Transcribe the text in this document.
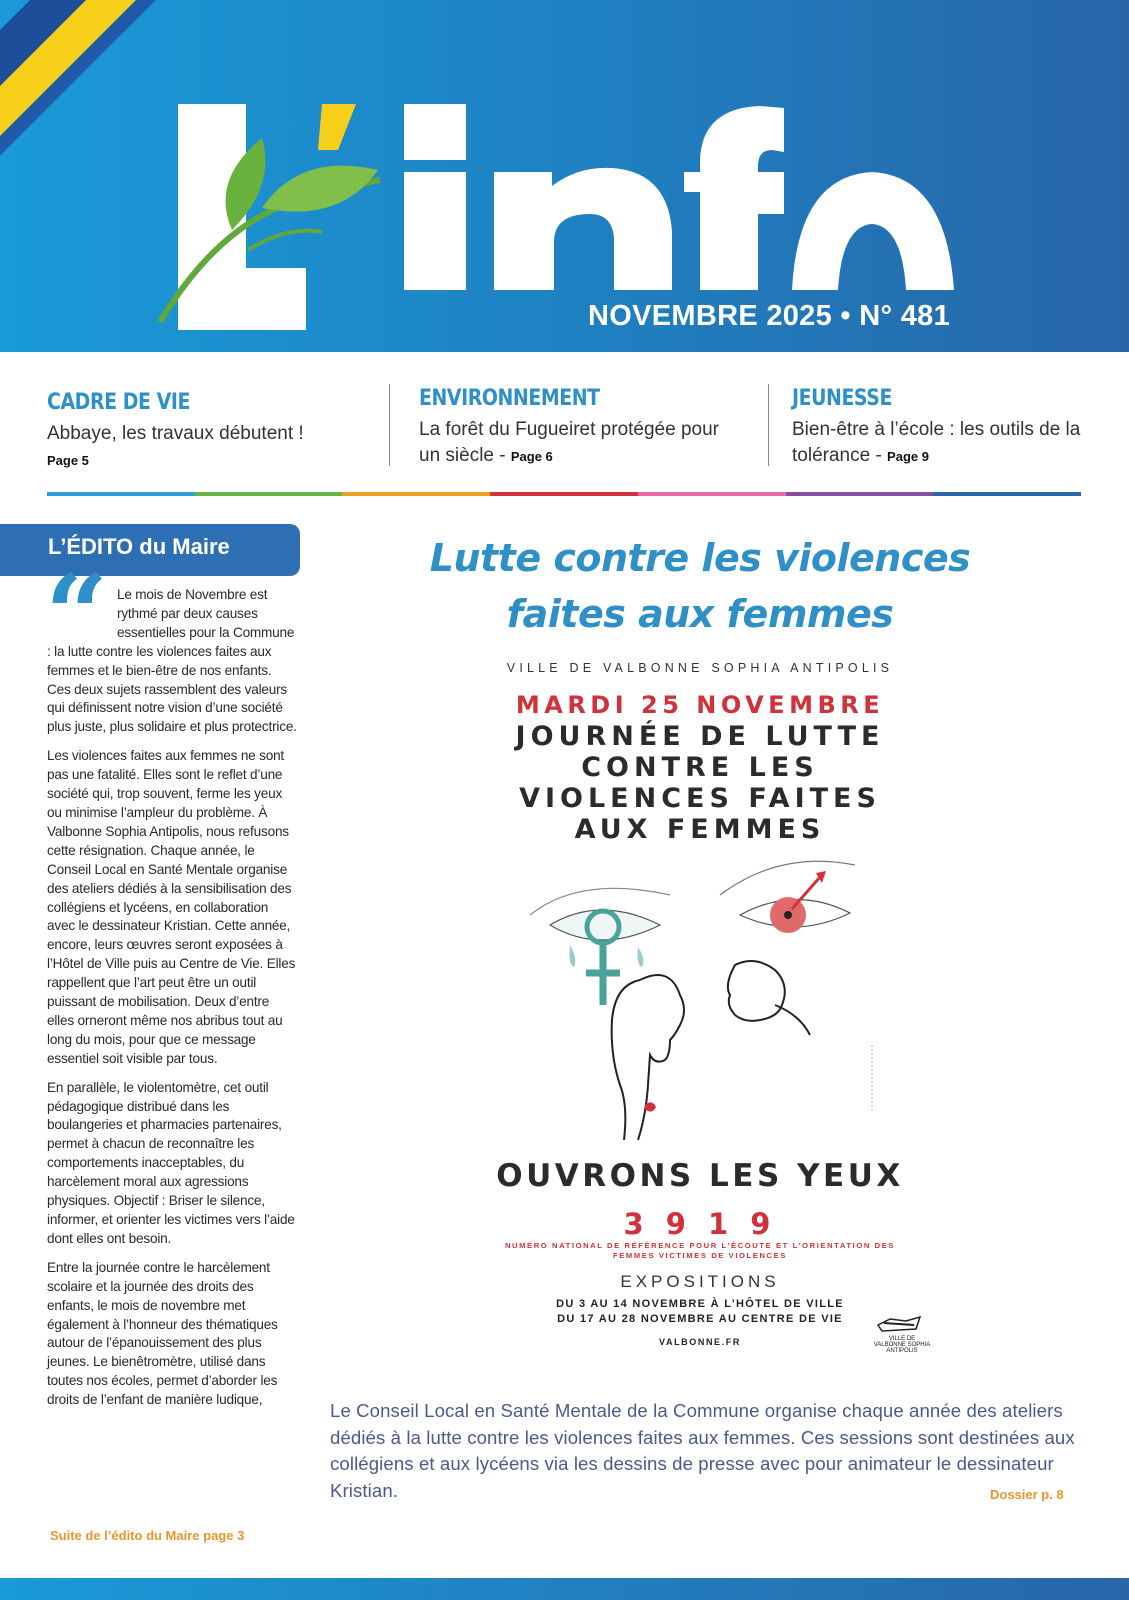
NOVEMBRE 2025 • N° 481
CADRE DE VIE
Abbaye, les travaux débutent !
Page 5
ENVIRONNEMENT
La forêt du Fugueiret protégée pour un siècle - Page 6
JEUNESSE
Bien-être à l’école : les outils de la tolérance - Page 9
L’ÉDITO du Maire
“ Le mois de Novembre est rythmé par deux causes essentielles pour la Commune : la lutte contre les violences faites aux femmes et le bien-être de nos enfants. Ces deux sujets rassemblent des valeurs qui définissent notre vision d’une société plus juste, plus solidaire et plus protectrice.

Les violences faites aux femmes ne sont pas une fatalité. Elles sont le reflet d’une société qui, trop souvent, ferme les yeux ou minimise l’ampleur du problème. À Valbonne Sophia Antipolis, nous refusons cette résignation. Chaque année, le Conseil Local en Santé Mentale organise des ateliers dédiés à la sensibilisation des collégiens et lycéens, en collaboration avec le dessinateur Kristian. Cette année, encore, leurs œuvres seront exposées à l’Hôtel de Ville puis au Centre de Vie. Elles rappellent que l’art peut être un outil puissant de mobilisation. Deux d’entre elles orneront même nos abribus tout au long du mois, pour que ce message essentiel soit visible par tous.

En parallèle, le violentomètre, cet outil pédagogique distribué dans les boulangeries et pharmacies partenaires, permet à chacun de reconnaître les comportements inacceptables, du harcèlement moral aux agressions physiques. Objectif : Briser le silence, informer, et orienter les victimes vers l’aide dont elles ont besoin.

Entre la journée contre le harcèlement scolaire et la journée des droits des enfants, le mois de novembre met également à l’honneur des thématiques autour de l’épanouissement des plus jeunes. Le bienêtromètre, utilisé dans toutes nos écoles, permet d’aborder les droits de l’enfant de manière ludique,

Suite de l’édito du Maire page 3
Lutte contre les violences
faites aux femmes
VILLE DE VALBONNE SOPHIA ANTIPOLIS
MARDI 25 NOVEMBRE
JOURNÉE DE LUTTE
CONTRE LES
VIOLENCES FAITES
AUX FEMMES
OUVRONS LES YEUX
3 9 1 9
NUMÉRO NATIONAL DE RÉFÉRENCE POUR L’ÉCOUTE ET L’ORIENTATION DES
FEMMES VICTIMES DE VIOLENCES
EXPOSITIONS
DU 3 AU 14 NOVEMBRE À L’HÔTEL DE VILLE
DU 17 AU 28 NOVEMBRE AU CENTRE DE VIE
VALBONNE.FR	VILLE DE VALBONNE SOPHIA ANTIPOLIS
Le Conseil Local en Santé Mentale de la Commune organise chaque année des ateliers dédiés à la lutte contre les violences faites aux femmes. Ces sessions sont destinées aux collégiens et aux lycéens via les dessins de presse avec pour animateur le dessinateur Kristian.	Dossier p. 8
